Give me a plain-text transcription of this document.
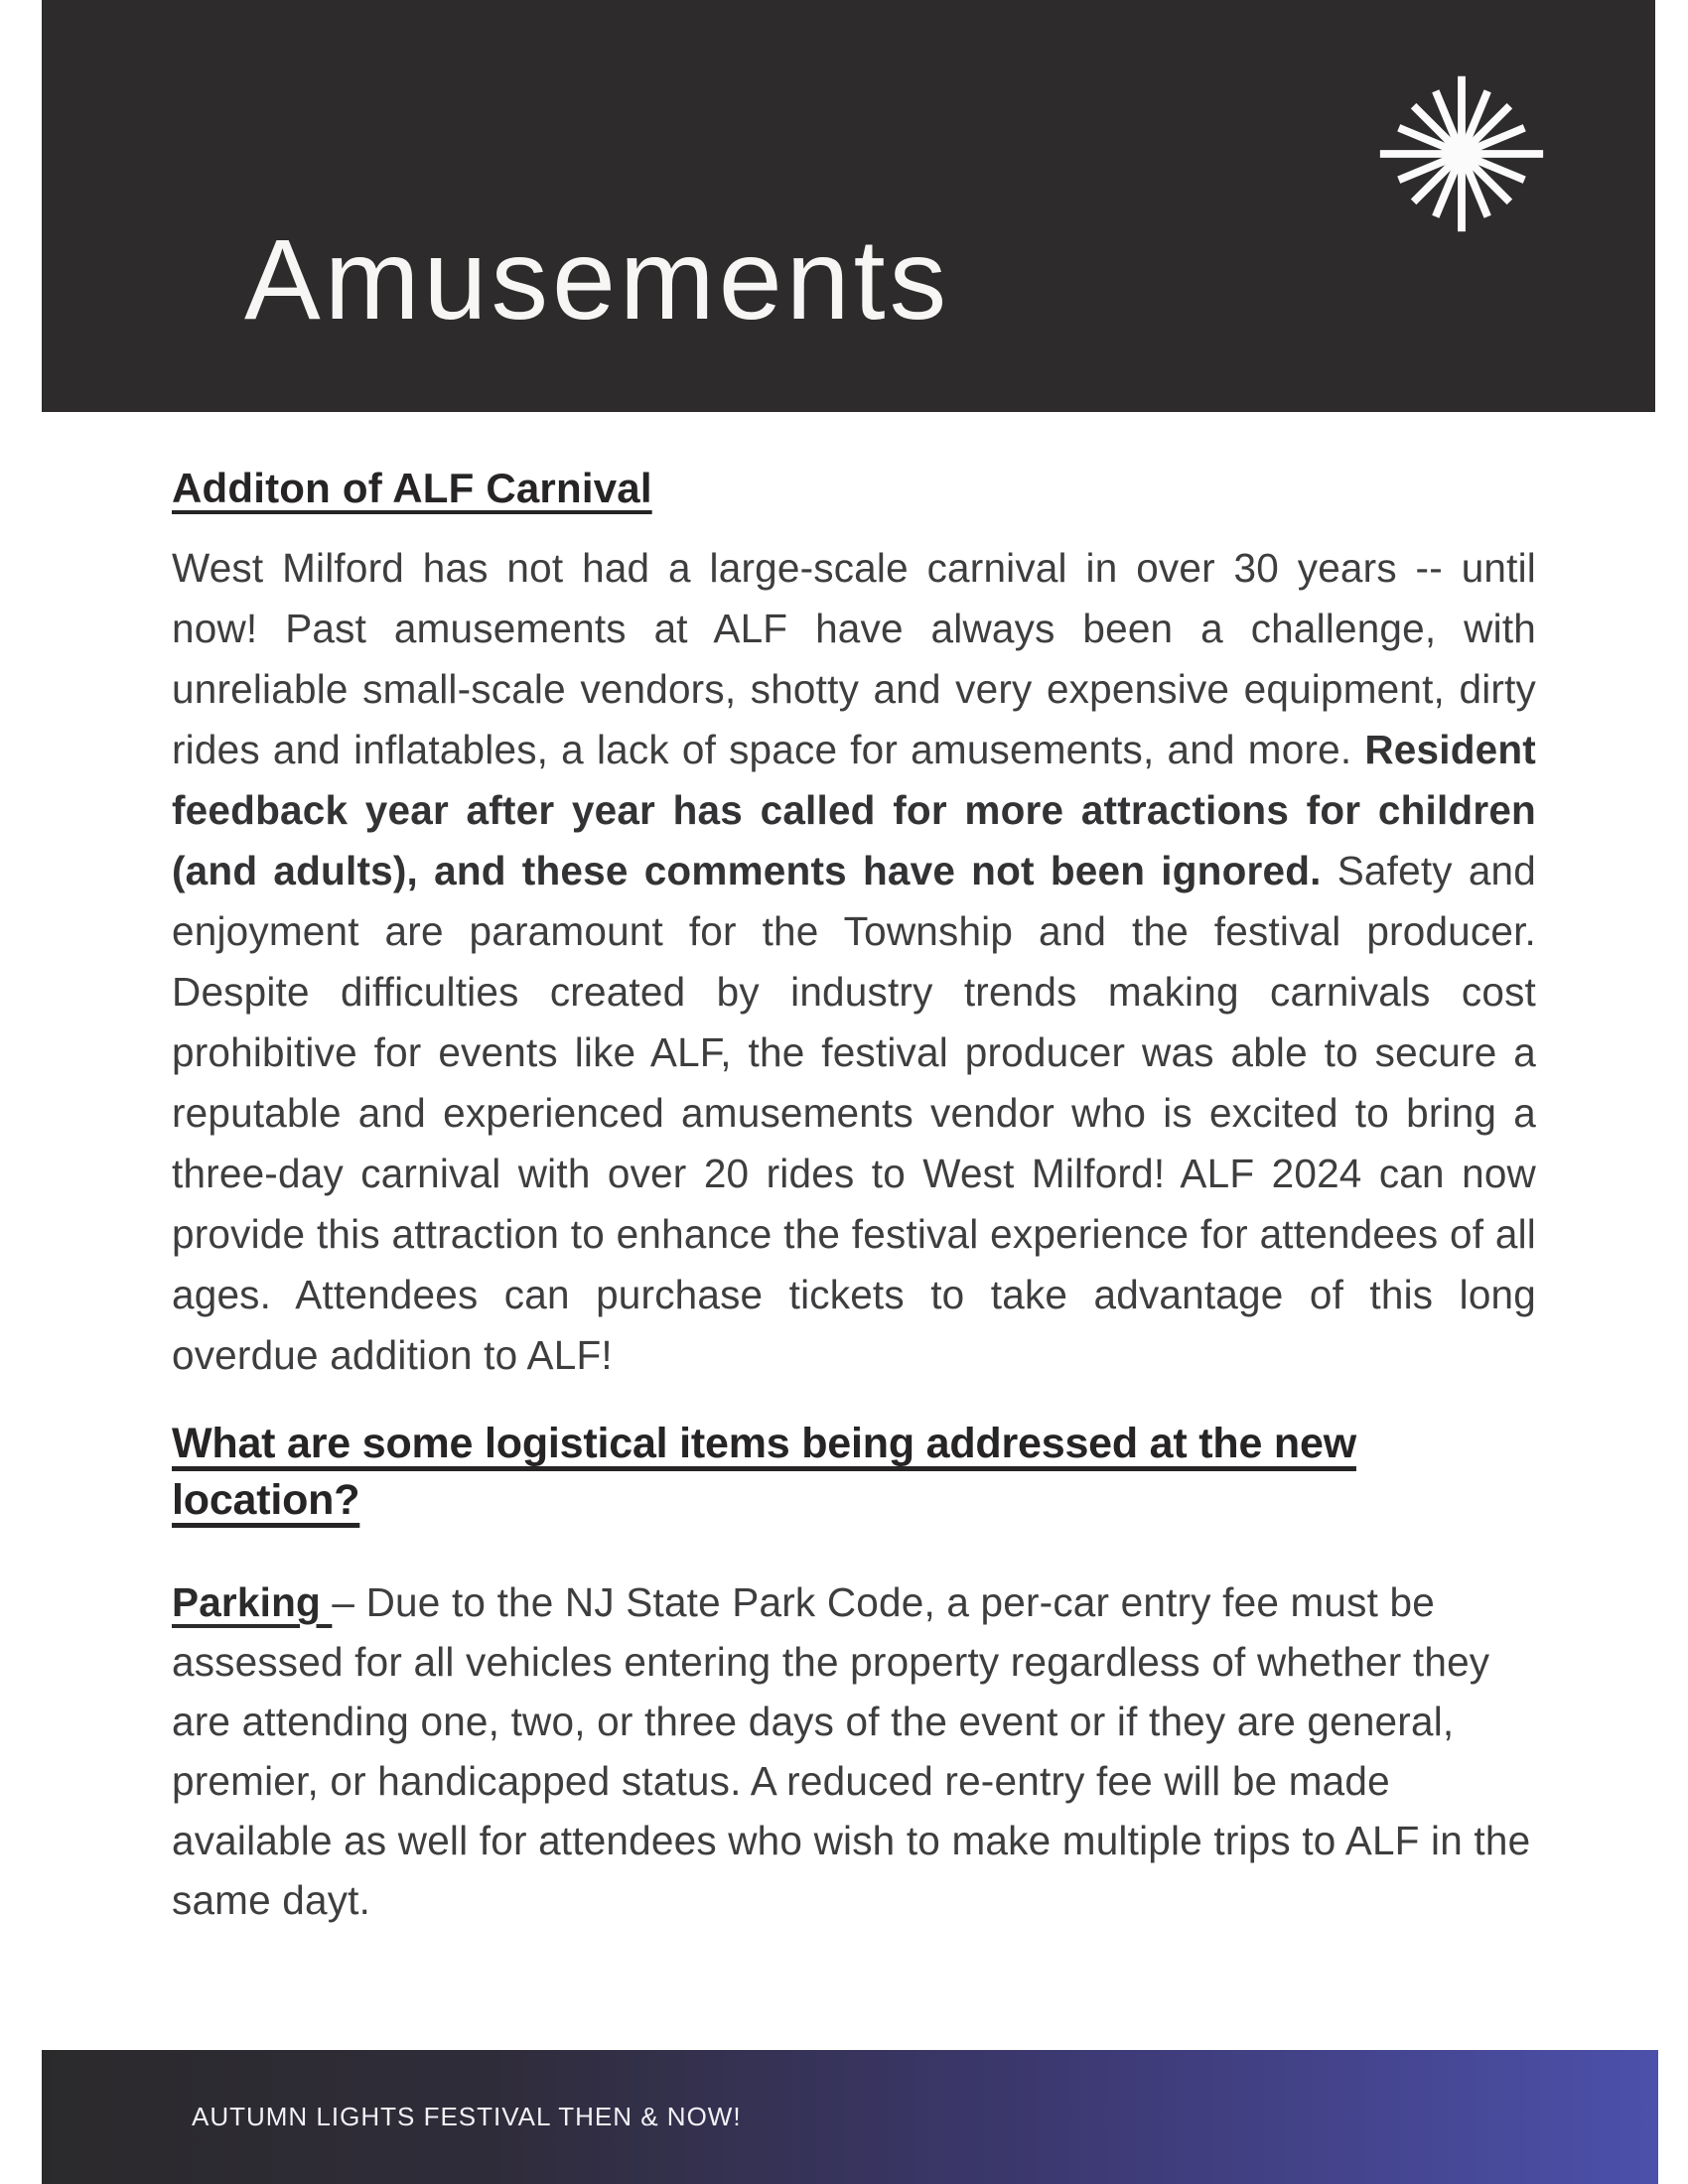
Amusements
Additon of ALF Carnival

West Milford has not had a large-scale carnival in over 30 years -- until now! Past amusements at ALF have always been a challenge, with unreliable small-scale vendors, shotty and very expensive equipment, dirty rides and inflatables, a lack of space for amusements, and more. Resident feedback year after year has called for more attractions for children (and adults), and these comments have not been ignored. Safety and enjoyment are paramount for the Township and the festival producer. Despite difficulties created by industry trends making carnivals cost prohibitive for events like ALF, the festival producer was able to secure a reputable and experienced amusements vendor who is excited to bring a three-day carnival with over 20 rides to West Milford! ALF 2024 can now provide this attraction to enhance the festival experience for attendees of all ages. Attendees can purchase tickets to take advantage of this long overdue addition to ALF!

What are some logistical items being addressed at the new
location?

Parking – Due to the NJ State Park Code, a per-car entry fee must be assessed for all vehicles entering the property regardless of whether they are attending one, two, or three days of the event or if they are general, premier, or handicapped status. A reduced re-entry fee will be made available as well for attendees who wish to make multiple trips to ALF in the same dayt.

AUTUMN LIGHTS FESTIVAL THEN & NOW!
